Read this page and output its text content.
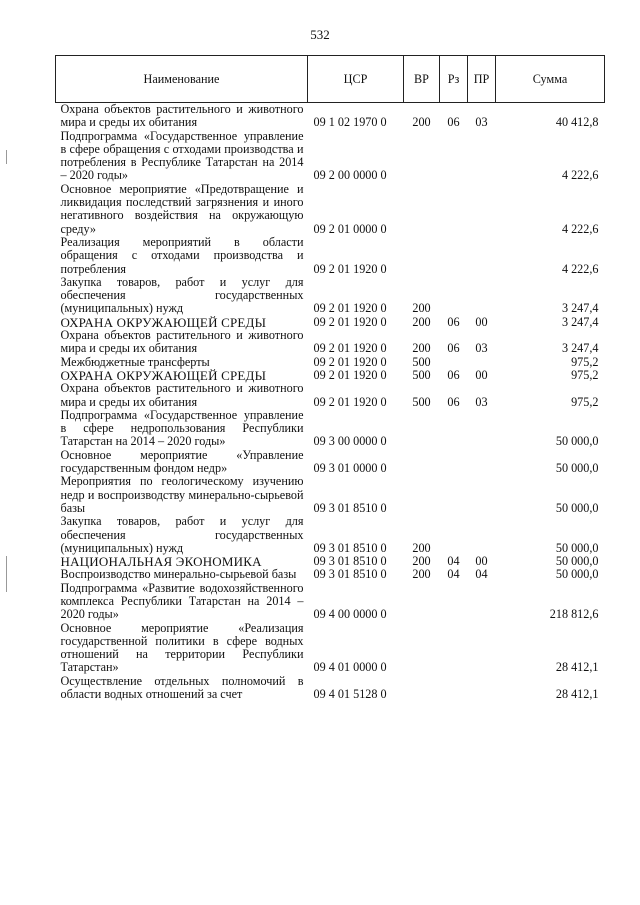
532
Наименование	ЦСР	ВР	Рз	ПР	Сумма
Охрана объектов растительного и животного мира и среды их обитания	09 1 02 1970 0	200	06	03	40 412,8
Подпрограмма «Государственное управление в сфере обращения с отходами производства и потребления в Республике Татарстан на 2014 – 2020 годы»	09 2 00 0000 0				4 222,6
Основное мероприятие «Предотвращение и ликвидация последствий загрязнения и иного негативного воздействия на окружающую среду»	09 2 01 0000 0				4 222,6
Реализация мероприятий в области обращения с отходами производства и потребления	09 2 01 1920 0				4 222,6
Закупка товаров, работ и услуг для обеспечения государственных (муниципальных) нужд	09 2 01 1920 0	200			3 247,4
ОХРАНА ОКРУЖАЮЩЕЙ СРЕДЫ	09 2 01 1920 0	200	06	00	3 247,4
Охрана объектов растительного и животного мира и среды их обитания	09 2 01 1920 0	200	06	03	3 247,4
Межбюджетные трансферты	09 2 01 1920 0	500			975,2
ОХРАНА ОКРУЖАЮЩЕЙ СРЕДЫ	09 2 01 1920 0	500	06	00	975,2
Охрана объектов растительного и животного мира и среды их обитания	09 2 01 1920 0	500	06	03	975,2
Подпрограмма «Государственное управление в сфере недропользования Республики Татарстан на 2014 – 2020 годы»	09 3 00 0000 0				50 000,0
Основное мероприятие «Управление государственным фондом недр»	09 3 01 0000 0				50 000,0
Мероприятия по геологическому изучению недр и воспроизводству минерально-сырьевой базы	09 3 01 8510 0				50 000,0
Закупка товаров, работ и услуг для обеспечения государственных (муниципальных) нужд	09 3 01 8510 0	200			50 000,0
НАЦИОНАЛЬНАЯ ЭКОНОМИКА	09 3 01 8510 0	200	04	00	50 000,0
Воспроизводство минерально-сырьевой базы	09 3 01 8510 0	200	04	04	50 000,0
Подпрограмма «Развитие водохозяйственного комплекса Республики Татарстан на 2014 – 2020 годы»	09 4 00 0000 0				218 812,6
Основное мероприятие «Реализация государственной политики в сфере водных отношений на территории Республики Татарстан»	09 4 01 0000 0				28 412,1
Осуществление отдельных полномочий в области водных отношений за счет	09 4 01 5128 0				28 412,1
